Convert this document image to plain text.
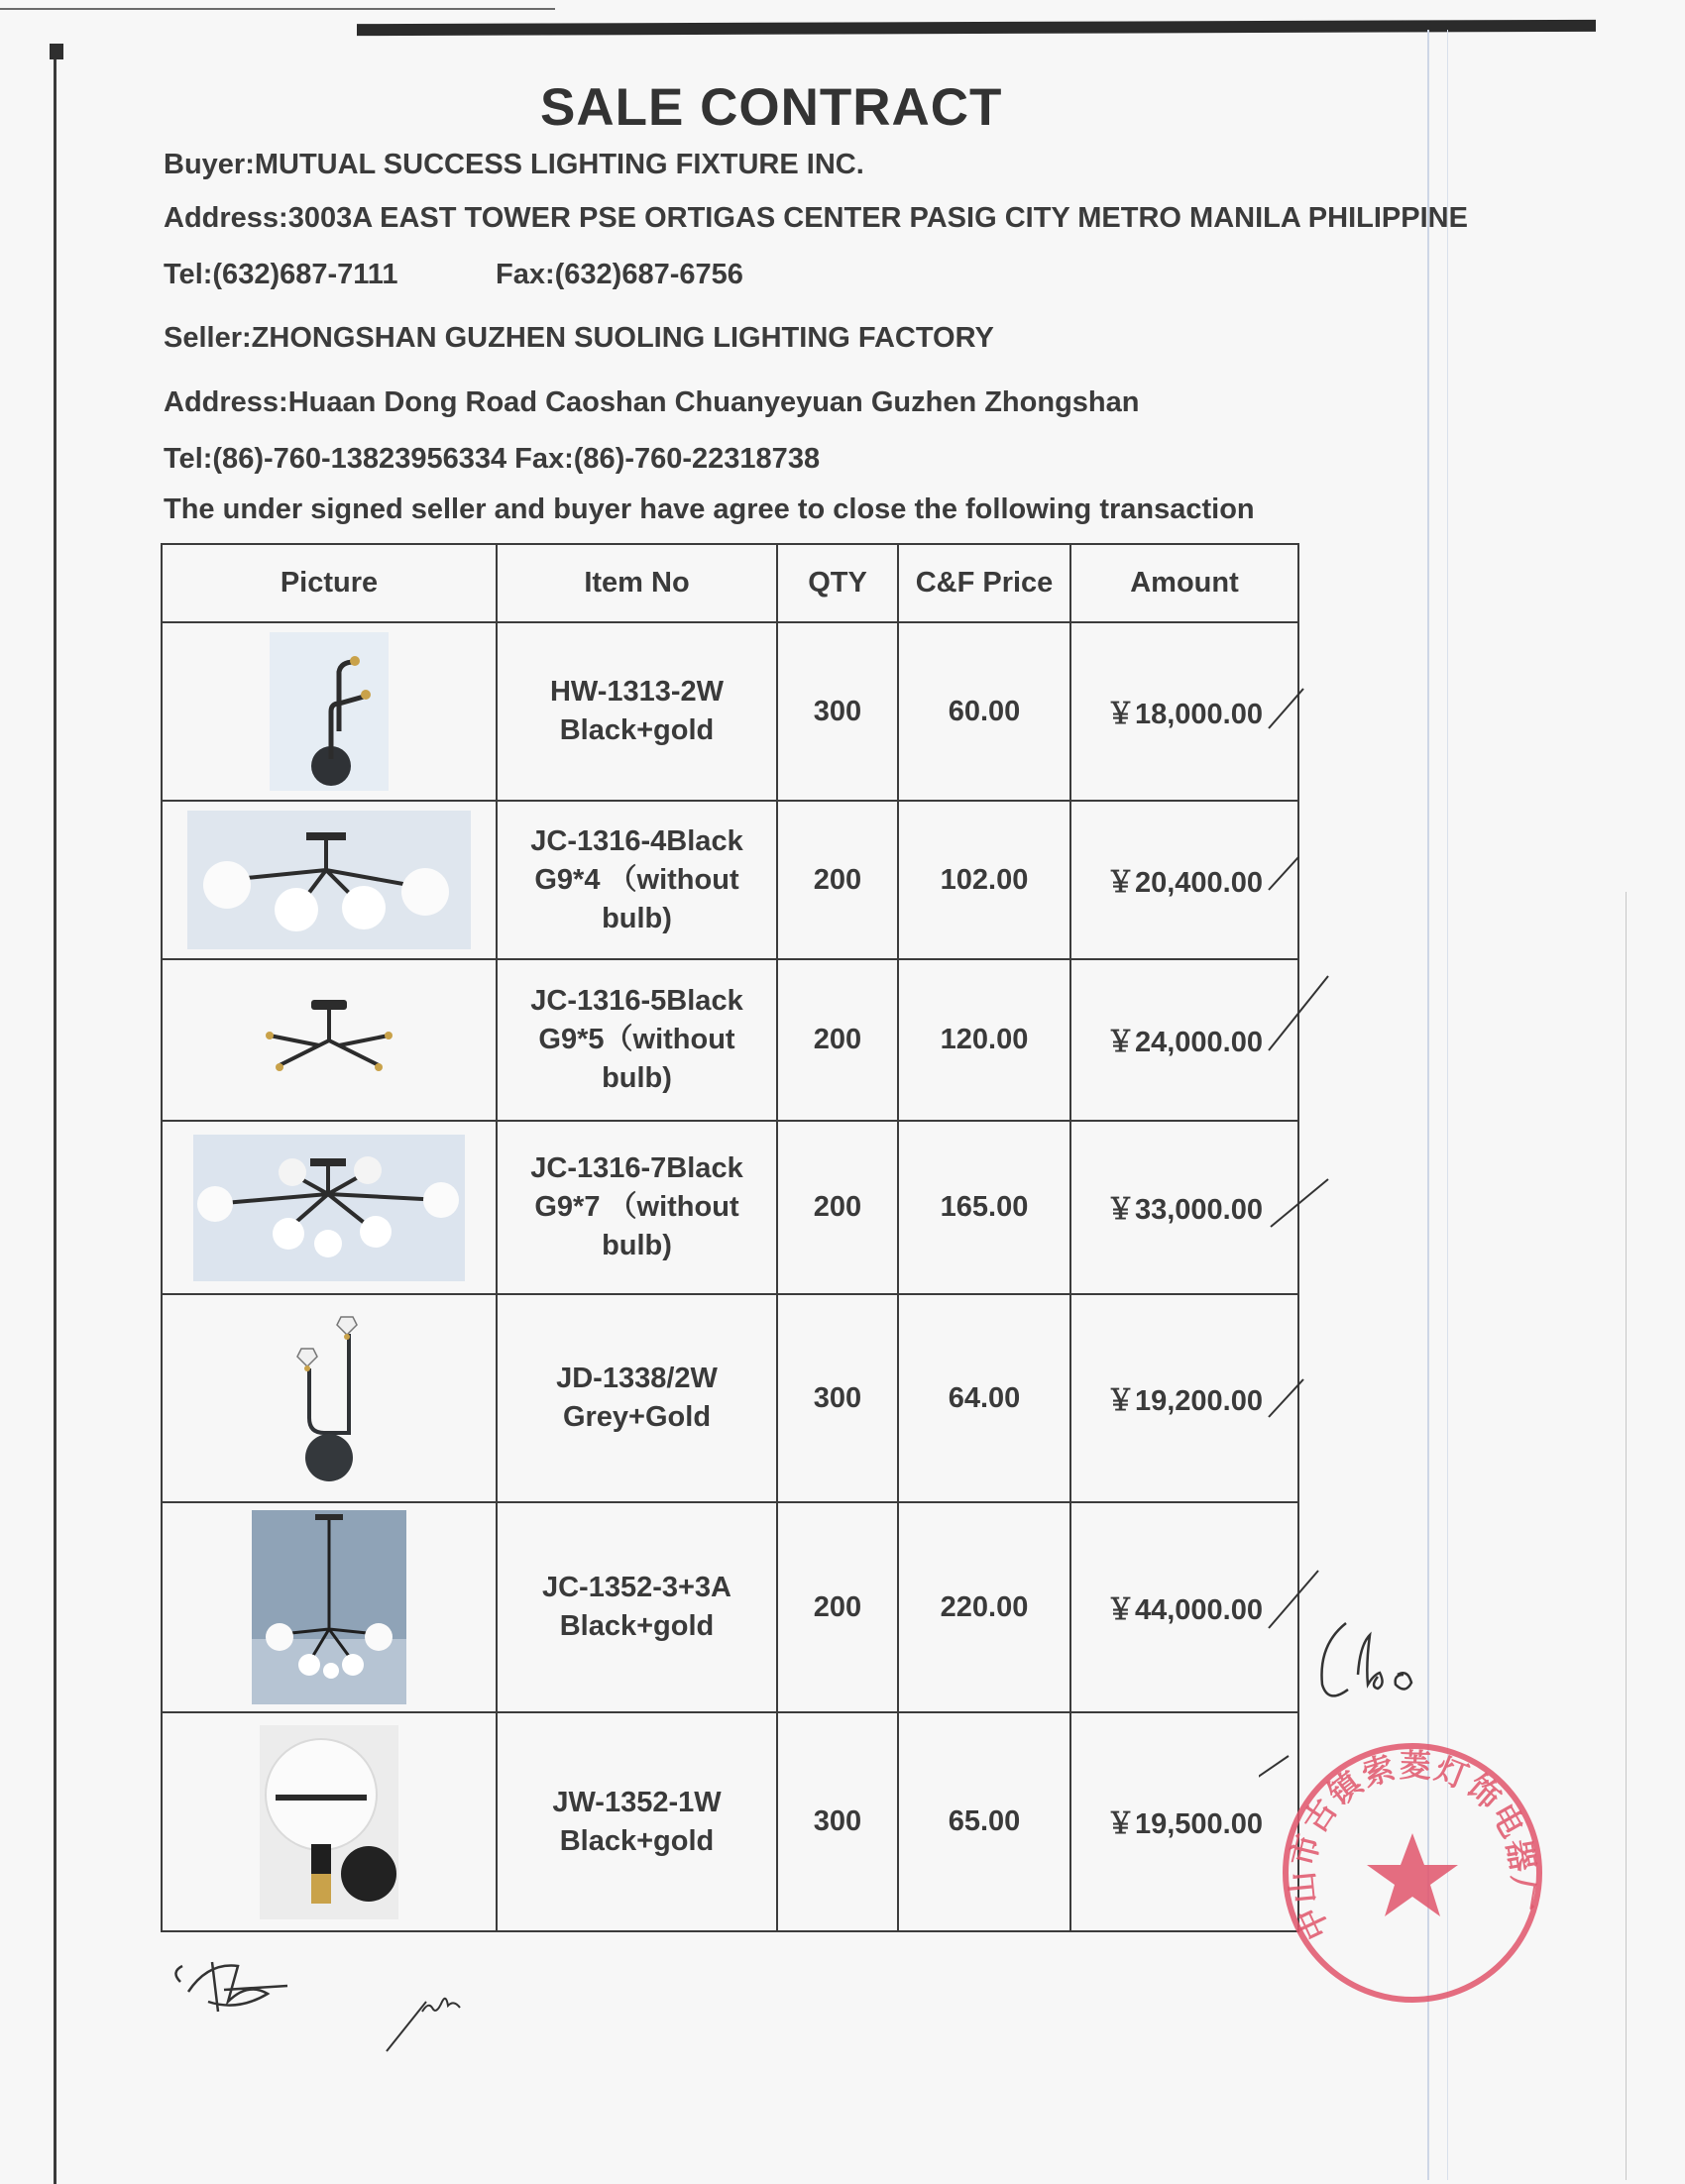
SALE CONTRACT
Buyer:MUTUAL SUCCESS LIGHTING FIXTURE INC.
Address:3003A EAST TOWER PSE ORTIGAS CENTER PASIG CITY METRO MANILA PHILIPPINE
Tel:(632)687-7111	Fax:(632)687-6756
Seller:ZHONGSHAN GUZHEN SUOLING LIGHTING FACTORY
Address:Huaan Dong Road Caoshan Chuanyeyuan Guzhen Zhongshan
Tel:(86)-760-13823956334 Fax:(86)-760-22318738
The under signed seller and buyer have agree to close the following transaction
Picture	Item No	QTY	C&F Price	Amount

	HW-1313-2W
Black+gold	300	60.00	￥18,000.00

	JC-1316-4Black
G9*4 （without
bulb)	200	102.00	￥20,400.00

	JC-1316-5Black
G9*5（without
bulb)	200	120.00	￥24,000.00

	JC-1316-7Black
G9*7 （without
bulb)	200	165.00	￥33,000.00

	JD-1338/2W
Grey+Gold	300	64.00	￥19,200.00

	JC-1352-3+3A
Black+gold	200	220.00	￥44,000.00

	JW-1352-1W
Black+gold	300	65.00	￥19,500.00
中山市古镇索菱灯饰电器厂
